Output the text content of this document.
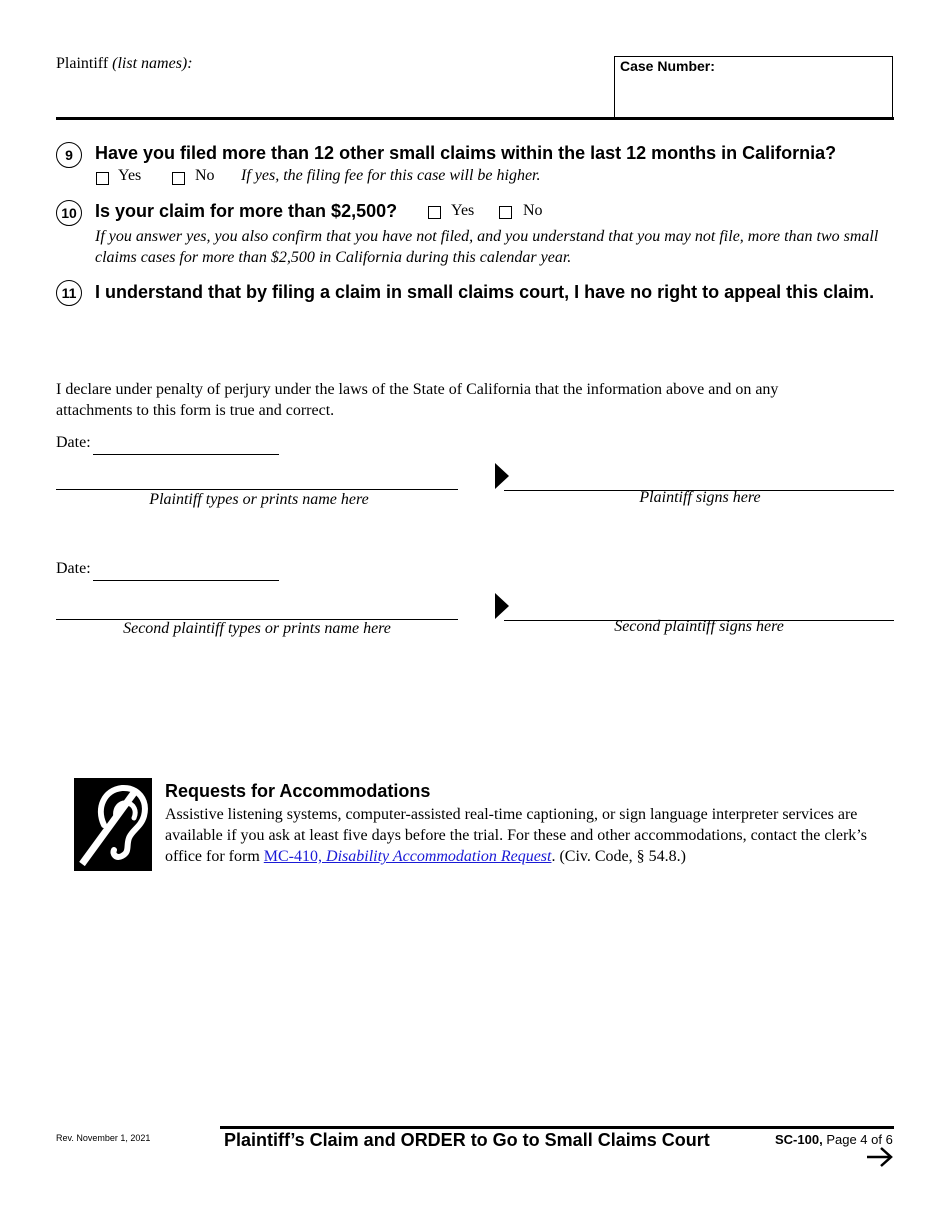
Plaintiff (list names):	Case Number:
9	Have you filed more than 12 other small claims within the last 12 months in California?
Yes	No If yes, the filing fee for this case will be higher.
10 Is your claim for more than $2,500?	Yes	No
If you answer yes, you also confirm that you have not filed, and you understand that you may not file, more than two small claims cases for more than $2,500 in California during this calendar year.
11	I understand that by filing a claim in small claims court, I have no right to appeal this claim.
I declare under penalty of perjury under the laws of the State of California that the information above and on any attachments to this form is true and correct.
Date:
Plaintiff types or prints name here	Plaintiff signs here
Date:
Second plaintiff types or prints name here	Second plaintiff signs here
Requests for Accommodations
Assistive listening systems, computer-assisted real-time captioning, or sign language interpreter services are available if you ask at least five days before the trial. For these and other accommodations, contact the clerk’s office for form MC-410, Disability Accommodation Request. (Civ. Code, § 54.8.)
Rev. November 1, 2021	Plaintiff’s Claim and ORDER to Go to Small Claims Court	SC-100, Page 4 of 6
